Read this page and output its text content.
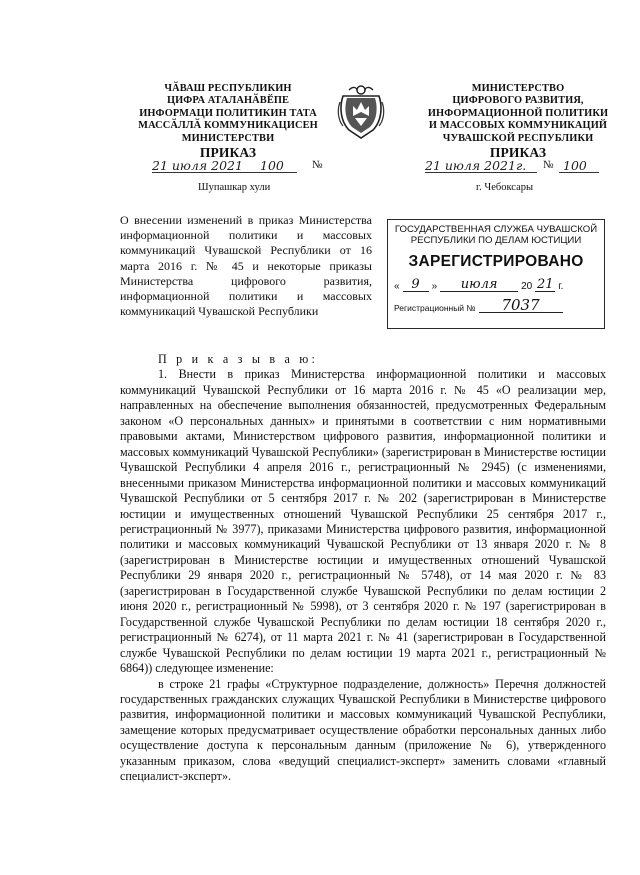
ЧӐВАШ РЕСПУБЛИКИН
ЦИФРА АТАЛАНӐВӖПЕ
ИНФОРМАЦИ ПОЛИТИКИН ТАТА
МАССӐЛЛӐ КОММУНИКАЦИСЕН
МИНИСТЕРСТВИ
ПРИКАЗ
21 июля 2021 100	№
Шупашкар хули
МИНИСТЕРСТВО
ЦИФРОВОГО РАЗВИТИЯ,
ИНФОРМАЦИОННОЙ ПОЛИТИКИ
И МАССОВЫХ КОММУНИКАЦИЙ
ЧУВАШСКОЙ РЕСПУБЛИКИ
ПРИКАЗ
21 июля 2021г. № 100
г. Чебоксары
О внесении изменений в приказ Министерства информационной политики и массовых коммуникаций Чувашской Республики от 16 марта 2016 г. № 45 и некоторые приказы Министерства цифрового развития, информационной политики и массовых коммуникаций Чувашской Республики
ГОСУДАРСТВЕННАЯ СЛУЖБА ЧУВАШСКОЙ
РЕСПУБЛИКИ ПО ДЕЛАМ ЮСТИЦИИ
ЗАРЕГИСТРИРОВАНО
« 9	»	июля	20 21 г.
Регистрационный №	7037

П р и к а з ы в а ю:

1. Внести в приказ Министерства информационной политики и массовых коммуникаций Чувашской Республики от 16 марта 2016 г. № 45 «О реализации мер, направленных на обеспечение выполнения обязанностей, предусмотренных Федеральным законом «О персональных данных» и принятыми в соответствии с ним нормативными правовыми актами, Министерством цифрового развития, информационной политики и массовых коммуникаций Чувашской Республики» (зарегистрирован в Министерстве юстиции Чувашской Республики 4 апреля 2016 г., регистрационный № 2945) (с изменениями, внесенными приказом Министерства информационной политики и массовых коммуникаций Чувашской Республики от 5 сентября 2017 г. № 202 (зарегистрирован в Министерстве юстиции и имущественных отношений Чувашской Республики 25 сентября 2017 г., регистрационный № 3977), приказами Министерства цифрового развития, информационной политики и массовых коммуникаций Чувашской Республики от 13 января 2020 г. № 8 (зарегистрирован в Министерстве юстиции и имущественных отношений Чувашской Республики 29 января 2020 г., регистрационный № 5748), от 14 мая 2020 г. № 83 (зарегистрирован в Государственной службе Чувашской Республики по делам юстиции 2 июня 2020 г., регистрационный № 5998), от 3 сентября 2020 г. № 197 (зарегистрирован в Государственной службе Чувашской Республики по делам юстиции 18 сентября 2020 г., регистрационный № 6274), от 11 марта 2021 г. № 41 (зарегистрирован в Государственной службе Чувашской Республики по делам юстиции 19 марта 2021 г., регистрационный № 6864)) следующее изменение:

в строке 21 графы «Структурное подразделение, должность» Перечня должностей государственных гражданских служащих Чувашской Республики в Министерстве цифрового развития, информационной политики и массовых коммуникаций Чувашской Республики, замещение которых предусматривает осуществление обработки персональных данных либо осуществление доступа к персональным данным (приложение № 6), утвержденного указанным приказом, слова «ведущий специалист-эксперт» заменить словами «главный специалист-эксперт».
